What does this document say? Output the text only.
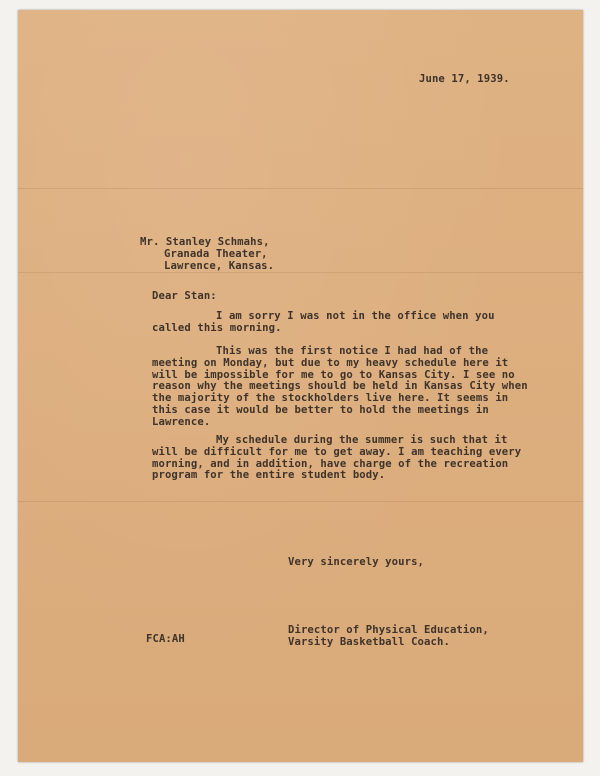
June 17, 1939.
Mr. Stanley Schmahs,
Granada Theater,
Lawrence, Kansas.
Dear Stan:
I am sorry I was not in the office when you
called this morning.
This was the first notice I had had of the
meeting on Monday, but due to my heavy schedule here it
will be impossible for me to go to Kansas City. I see no
reason why the meetings should be held in Kansas City when
the majority of the stockholders live here. It seems in
this case it would be better to hold the meetings in
Lawrence.
My schedule during the summer is such that it
will be difficult for me to get away. I am teaching every
morning, and in addition, have charge of the recreation
program for the entire student body.
Very sincerely yours,
Director of Physical Education,
Varsity Basketball Coach.
FCA:AH
